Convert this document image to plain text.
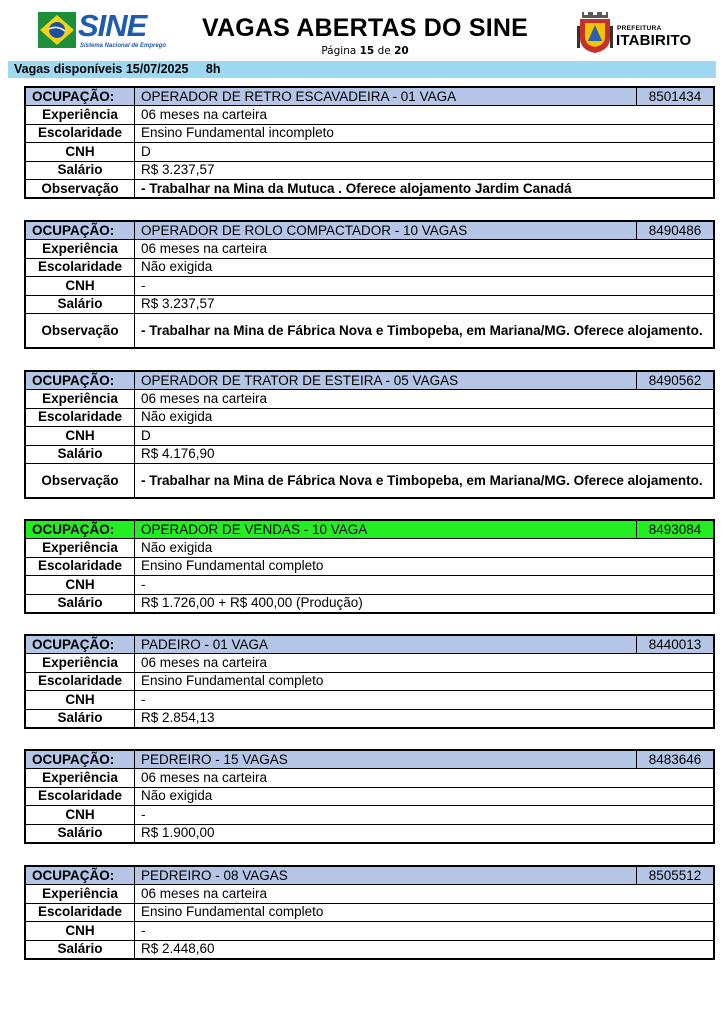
SINE
Sistema Nacional de Emprego
VAGAS ABERTAS DO SINE
Página 15 de 20
PREFEITURA
ITABIRITO
Vagas disponíveis 15/07/2025 8h
OCUPAÇÃO:	OPERADOR DE RETRO ESCAVADEIRA - 01 VAGA	8501434
Experiência	06 meses na carteira	
Escolaridade	Ensino Fundamental incompleto	
CNH	D	
Salário	R$ 3.237,57	
Observação	- Trabalhar na Mina da Mutuca . Oferece alojamento Jardim Canadá	
OCUPAÇÃO:	OPERADOR DE ROLO COMPACTADOR - 10 VAGAS	8490486
Experiência	06 meses na carteira	
Escolaridade	Não exigida	
CNH	-	
Salário	R$ 3.237,57	
Observação	- Trabalhar na Mina de Fábrica Nova e Timbopeba, em Mariana/MG. Oferece alojamento.	
OCUPAÇÃO:	OPERADOR DE TRATOR DE ESTEIRA - 05 VAGAS	8490562
Experiência	06 meses na carteira	
Escolaridade	Não exigida	
CNH	D	
Salário	R$ 4.176,90	
Observação	- Trabalhar na Mina de Fábrica Nova e Timbopeba, em Mariana/MG. Oferece alojamento.	
OCUPAÇÃO:	OPERADOR DE VENDAS - 10 VAGA	8493084
Experiência	Não exigida	
Escolaridade	Ensino Fundamental completo	
CNH	-	
Salário	R$ 1.726,00 + R$ 400,00 (Produção)	
OCUPAÇÃO:	PADEIRO - 01 VAGA	8440013
Experiência	06 meses na carteira	
Escolaridade	Ensino Fundamental completo	
CNH	-	
Salário	R$ 2.854,13	
OCUPAÇÃO:	PEDREIRO - 15 VAGAS	8483646
Experiência	06 meses na carteira	
Escolaridade	Não exigida	
CNH	-	
Salário	R$ 1.900,00	
OCUPAÇÃO:	PEDREIRO - 08 VAGAS	8505512
Experiência	06 meses na carteira	
Escolaridade	Ensino Fundamental completo	
CNH	-	
Salário	R$ 2.448,60	
